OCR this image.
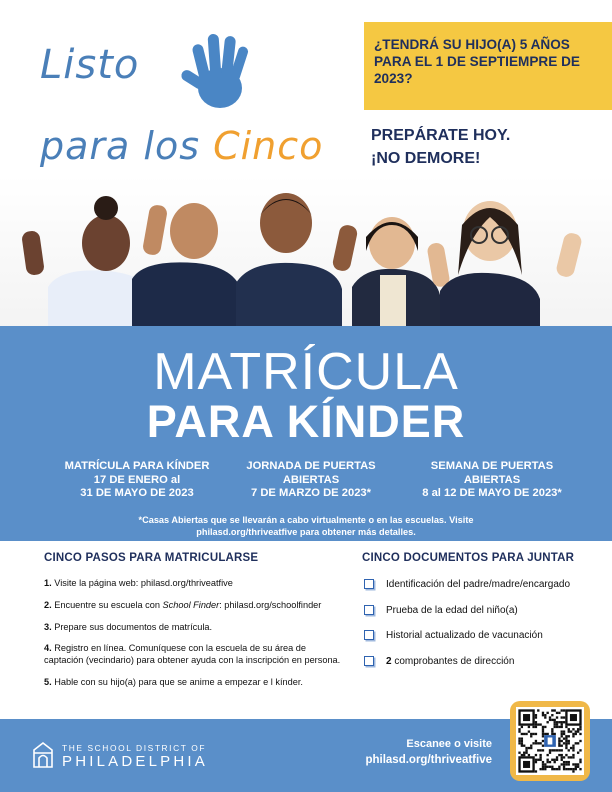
Listo
para los Cinco

¿TENDRÁ SU HIJO(A) 5 AÑOS PARA EL 1 DE SEPTIEMPRE DE 2023?

PREPÁRATE HOY.
¡NO DEMORE!
MATRÍCULA
PARA KÍNDER
MATRÍCULA PARA KÍNDER
17 DE ENERO al
31 DE MAYO DE 2023
JORNADA DE PUERTAS
ABIERTAS
7 DE MARZO DE 2023*
SEMANA DE PUERTAS
ABIERTAS
8 al 12 DE MAYO DE 2023*
*Casas Abiertas que se llevarán a cabo virtualmente o en las escuelas. Visite
philasd.org/thriveatfive para obtener más detalles.
CINCO PASOS PARA MATRICULARSE
1. Visite la página web: philasd.org/thriveatfive
2. Encuentre su escuela con School Finder: philasd.org/schoolfinder
3. Prepare sus documentos de matrícula.
4. Registro en línea. Comuníquese con la escuela de su área de captación (vecindario) para obtener ayuda con la inscripción en persona.
5. Hable con su hijo(a) para que se anime a empezar e l kínder.
CINCO DOCUMENTOS PARA JUNTAR
Identificación del padre/madre/encargado
Prueba de la edad del niño(a)
Historial actualizado de vacunación
2 comprobantes de dirección
THE SCHOOL DISTRICT OF
PHILADELPHIA
Escanee o visite
philasd.org/thriveatfive
